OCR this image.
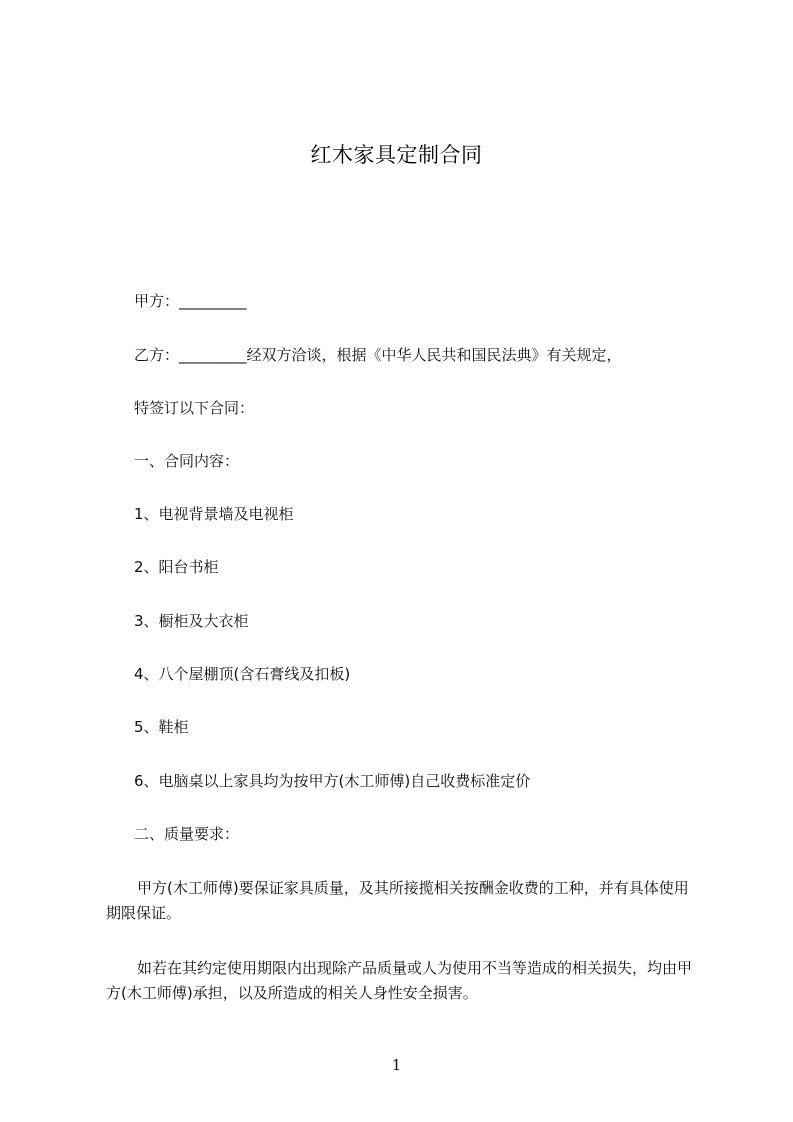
红木家具定制合同
甲方：_________
乙方：_________经双方洽谈，根据《中华人民共和国民法典》有关规定，
特签订以下合同：
一、合同内容：
1、电视背景墙及电视柜
2、阳台书柜
3、橱柜及大衣柜
4、八个屋棚顶(含石膏线及扣板)
5、鞋柜
6、电脑桌以上家具均为按甲方(木工师傅)自己收费标准定价
二、质量要求：
甲方(木工师傅)要保证家具质量，及其所接揽相关按酬金收费的工种，并有具体使用期限保证。
如若在其约定使用期限内出现除产品质量或人为使用不当等造成的相关损失，均由甲方(木工师傅)承担，以及所造成的相关人身性安全损害。
1
